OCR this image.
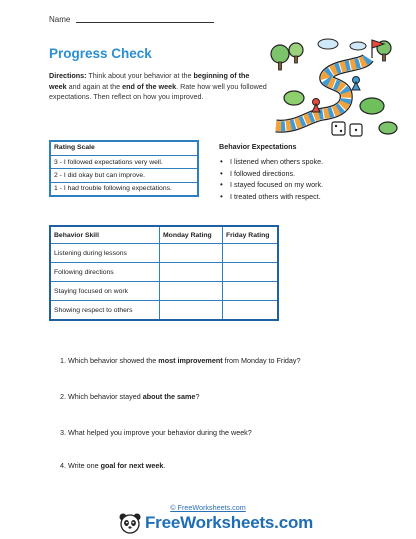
Name
Progress Check
Directions: Think about your behavior at the beginning of the week and again at the end of the week. Rate how well you followed expectations. Then reflect on how you improved.
Rating Scale
3 - I followed expectations very well.
2 - I did okay but can improve.
1 - I had trouble following expectations.
Behavior Expectations
• I listened when others spoke.
• I followed directions.
• I stayed focused on my work.
• I treated others with respect.
Behavior Skill	Monday Rating	Friday Rating
Listening during lessons		
Following directions		
Staying focused on work		
Showing respect to others		
1. Which behavior showed the most improvement from Monday to Friday?
2. Which behavior stayed about the same?
3. What helped you improve your behavior during the week?
4. Write one goal for next week.
© FreeWorksheets.com
FreeWorksheets.com
